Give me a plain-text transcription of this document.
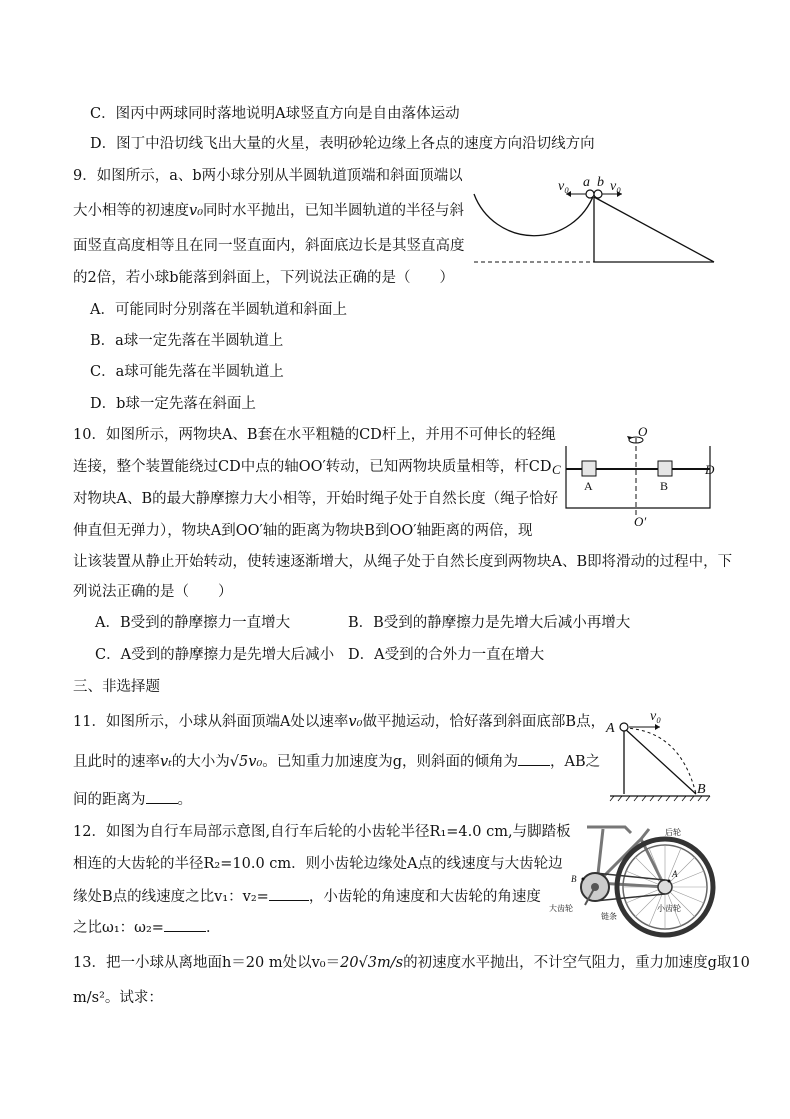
C．图丙中两球同时落地说明A球竖直方向是自由落体运动
D．图丁中沿切线飞出大量的火星，表明砂轮边缘上各点的速度方向沿切线方向
9．如图所示，a、b两小球分别从半圆轨道顶端和斜面顶端以
大小相等的初速度v₀同时水平抛出，已知半圆轨道的半径与斜
面竖直高度相等且在同一竖直面内，斜面底边长是其竖直高度
的2倍，若小球b能落到斜面上，下列说法正确的是（　　）
A．可能同时分别落在半圆轨道和斜面上
B．a球一定先落在半圆轨道上
C．a球可能先落在半圆轨道上
D．b球一定先落在斜面上
v₀ a b v₀
10．如图所示，两物块A、B套在水平粗糙的CD杆上，并用不可伸长的轻绳
连接，整个装置能绕过CD中点的轴OO′转动，已知两物块质量相等，杆CD
对物块A、B的最大静摩擦力大小相等，开始时绳子处于自然长度（绳子恰好
伸直但无弹力），物块A到OO′轴的距离为物块B到OO′轴距离的两倍，现
让该装置从静止开始转动，使转速逐渐增大，从绳子处于自然长度到两物块A、B即将滑动的过程中，下
列说法正确的是（　　）
A．B受到的静摩擦力一直增大	B．B受到的静摩擦力是先增大后减小再增大
C．A受到的静摩擦力是先增大后减小 D．A受到的合外力一直在增大
O
C	D
A	B
O′
三、非选择题
11．如图所示，小球从斜面顶端A处以速率v₀做平抛运动，恰好落到斜面底部B点，
且此时的速率vₜ的大小为√5v₀。已知重力加速度为g，则斜面的倾角为 ，AB之
间的距离为 。
A
v₀
B
12．如图为自行车局部示意图,自行车后轮的小齿轮半径R₁=4.0 cm,与脚踏板
相连的大齿轮的半径R₂=10.0 cm．则小齿轮边缘处A点的线速度与大齿轮边
缘处B点的线速度之比v₁：v₂=	，小齿轮的角速度和大齿轮的角速度
之比ω₁：ω₂=	．
后轮
B	A
大齿轮
链条
小齿轮
13．把一小球从离地面h＝20 m处以v₀＝20√3m/s的初速度水平抛出，不计空气阻力，重力加速度g取10
m/s²。试求：
